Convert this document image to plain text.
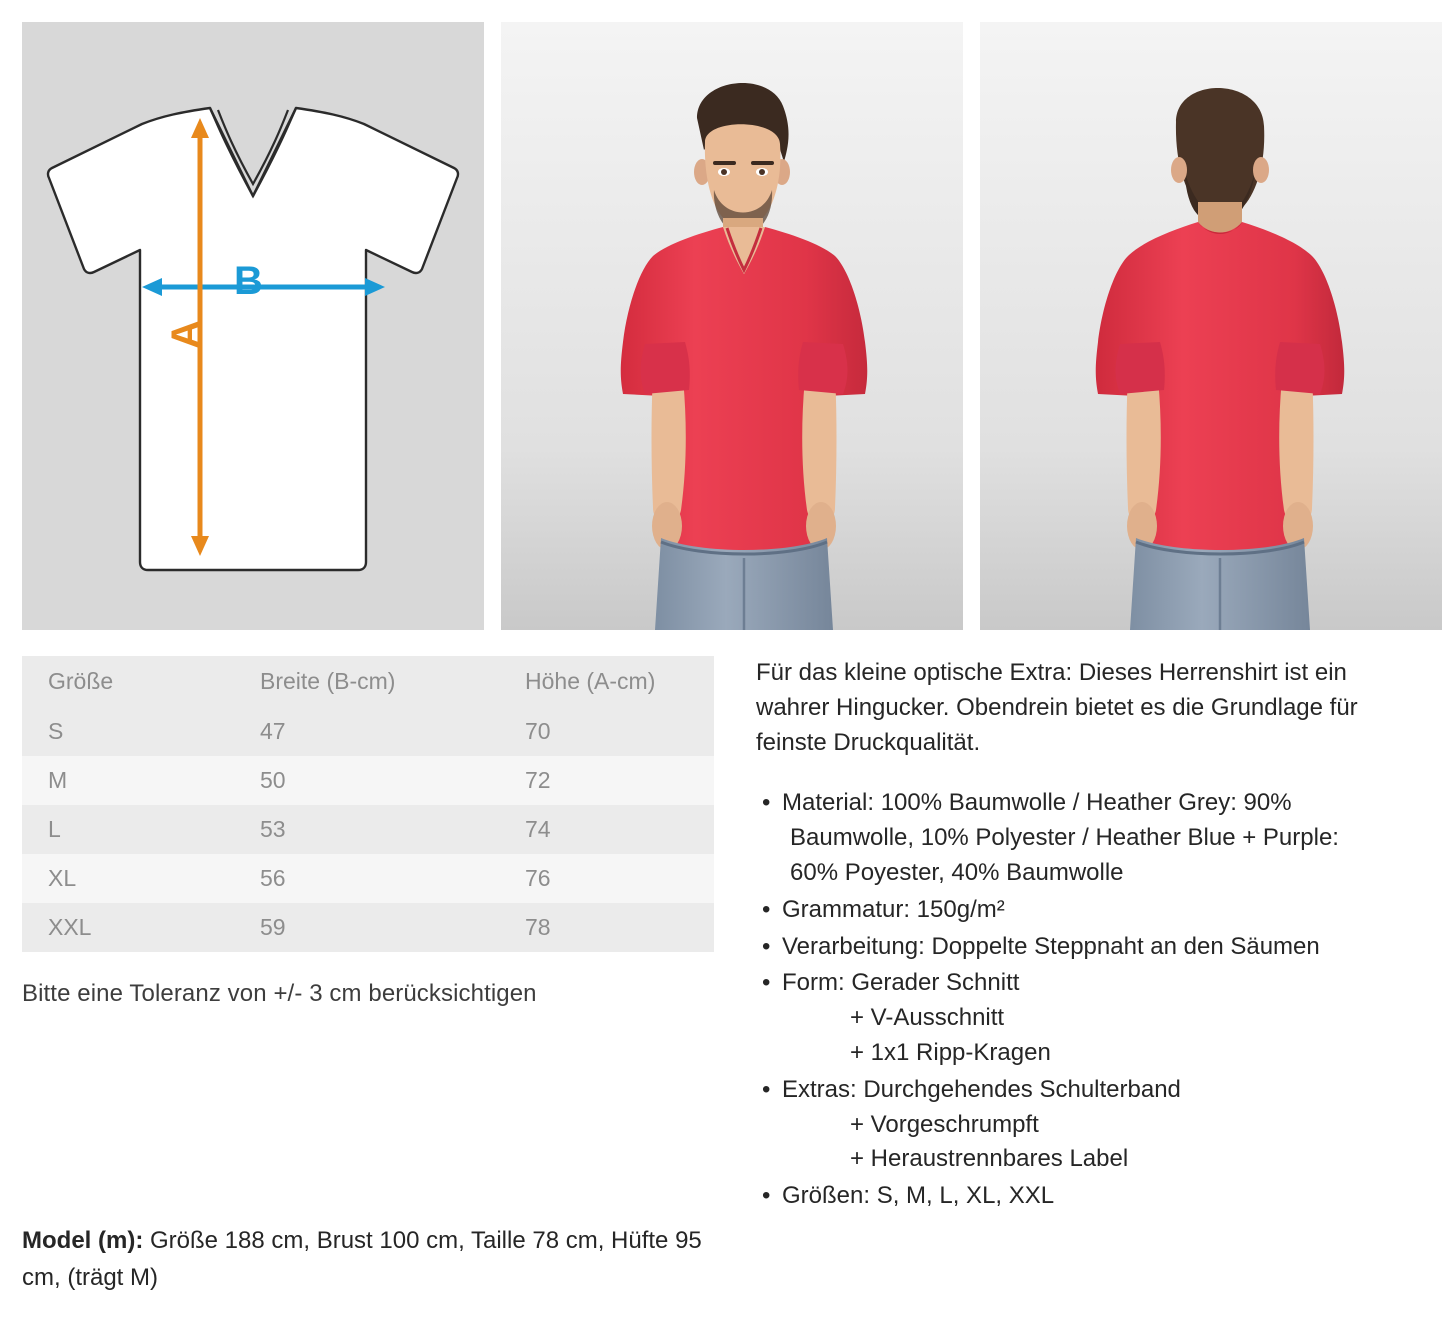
B
A
Größe	Breite (B-cm)	Höhe (A-cm)
S	47	70
M	50	72
L	53	74
XL	56	76
XXL	59	78
Bitte eine Toleranz von +/- 3 cm berücksichtigen

Für das kleine optische Extra: Dieses Herrenshirt ist ein wahrer Hingucker. Obendrein bietet es die Grundlage für feinste Druckqualität.

• Material: 100% Baumwolle / Heather Grey: 90%
Baumwolle, 10% Polyester / Heather Blue + Purple:
60% Poyester, 40% Baumwolle
• Grammatur: 150g/m²
• Verarbeitung: Doppelte Steppnaht an den Säumen
• Form: Gerader Schnitt
+ V-Ausschnitt
+ 1x1 Ripp-Kragen
• Extras: Durchgehendes Schulterband
+ Vorgeschrumpft
+ Heraustrennbares Label
• Größen: S, M, L, XL, XXL
Model (m): Größe 188 cm, Brust 100 cm, Taille 78 cm, Hüfte 95 cm, (trägt M)
